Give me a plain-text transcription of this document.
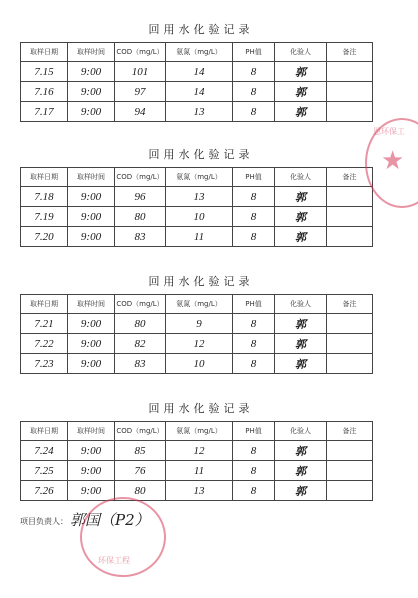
回用水化验记录
取样日期	取样时间	COD（mg/L）	氨氮（mg/L）	PH值	化验人	备注
7.15	9:00	101	14	8	郭	
7.16	9:00	97	14	8	郭	
7.17	9:00	94	13	8	郭	
回用水化验记录
取样日期	取样时间	COD（mg/L）	氨氮（mg/L）	PH值	化验人	备注
7.18	9:00	96	13	8	郭	
7.19	9:00	80	10	8	郭	
7.20	9:00	83	11	8	郭	
回用水化验记录
取样日期	取样时间	COD（mg/L）	氨氮（mg/L）	PH值	化验人	备注
7.21	9:00	80	9	8	郭	
7.22	9:00	82	12	8	郭	
7.23	9:00	83	10	8	郭	
回用水化验记录
取样日期	取样时间	COD（mg/L）	氨氮（mg/L）	PH值	化验人	备注
7.24	9:00	85	12	8	郭	
7.25	9:00	76	11	8	郭	
7.26	9:00	80	13	8	郭	
项目负责人： 郭国（P2）
恩环保工
★
环保工程
